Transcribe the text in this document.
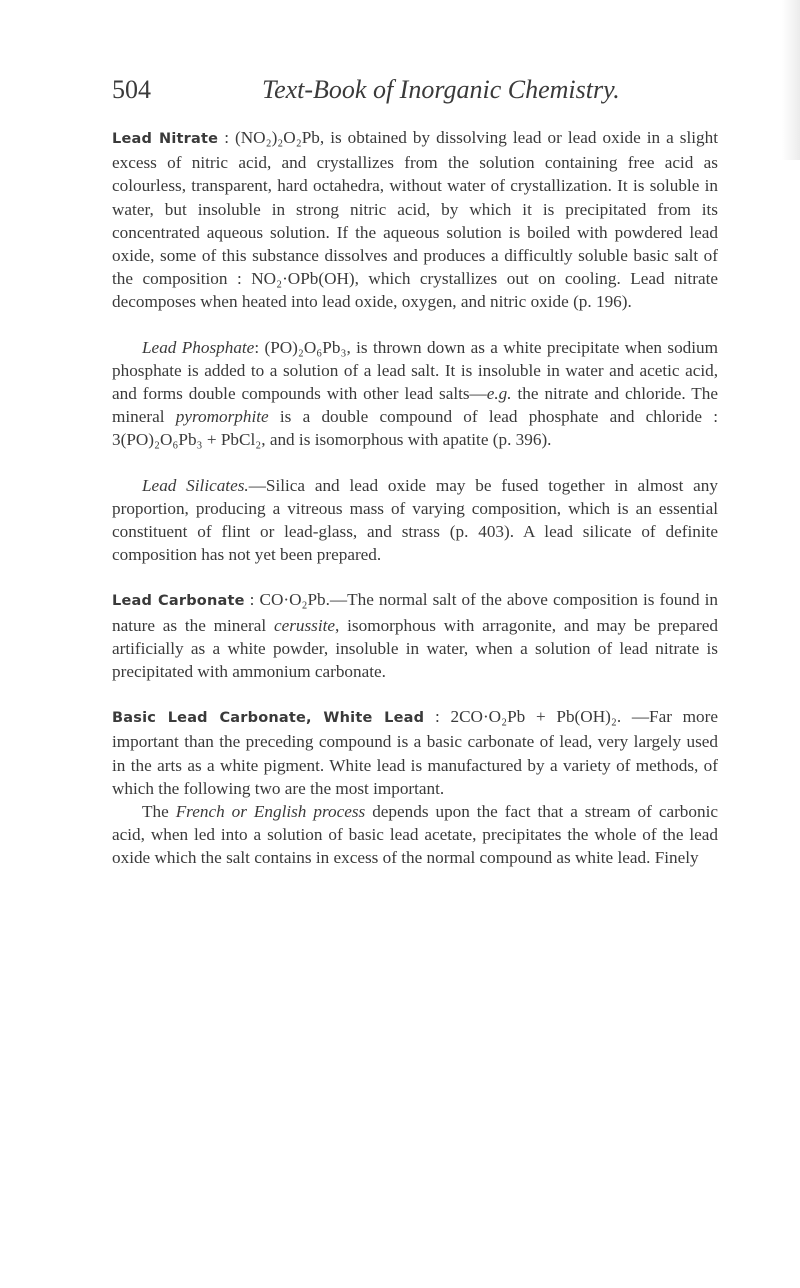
504	Text-Book of Inorganic Chemistry.

Lead Nitrate : (NO₂)₂O₂Pb, is obtained by dissolving lead or lead oxide in a slight excess of nitric acid, and crystallizes from the solution containing free acid as colourless, transparent, hard octahedra, without water of crystallization. It is soluble in water, but insoluble in strong nitric acid, by which it is precipitated from its concentrated aqueous solution. If the aqueous solution is boiled with powdered lead oxide, some of this substance dissolves and produces a difficultly soluble basic salt of the composition : NO₂·OPb(OH), which crystallizes out on cooling. Lead nitrate decomposes when heated into lead oxide, oxygen, and nitric oxide (p. 196).

Lead Phosphate: (PO)₂O₆Pb₃, is thrown down as a white precipitate when sodium phosphate is added to a solution of a lead salt. It is insoluble in water and acetic acid, and forms double compounds with other lead salts—e.g. the nitrate and chloride. The mineral pyromorphite is a double compound of lead phosphate and chloride : 3(PO)₂O₆Pb₃ + PbCl₂, and is isomorphous with apatite (p. 396).

Lead Silicates.—Silica and lead oxide may be fused together in almost any proportion, producing a vitreous mass of varying composition, which is an essential constituent of flint or lead-glass, and strass (p. 403). A lead silicate of definite composition has not yet been prepared.

Lead Carbonate : CO·O₂Pb.—The normal salt of the above composition is found in nature as the mineral cerussite, isomorphous with arragonite, and may be prepared artificially as a white powder, insoluble in water, when a solution of lead nitrate is precipitated with ammonium carbonate.

Basic Lead Carbonate, White Lead : 2CO·O₂Pb + Pb(OH)₂. —Far more important than the preceding compound is a basic carbonate of lead, very largely used in the arts as a white pigment. White lead is manufactured by a variety of methods, of which the following two are the most important.

The French or English process depends upon the fact that a stream of carbonic acid, when led into a solution of basic lead acetate, precipitates the whole of the lead oxide which the salt contains in excess of the normal compound as white lead. Finely
